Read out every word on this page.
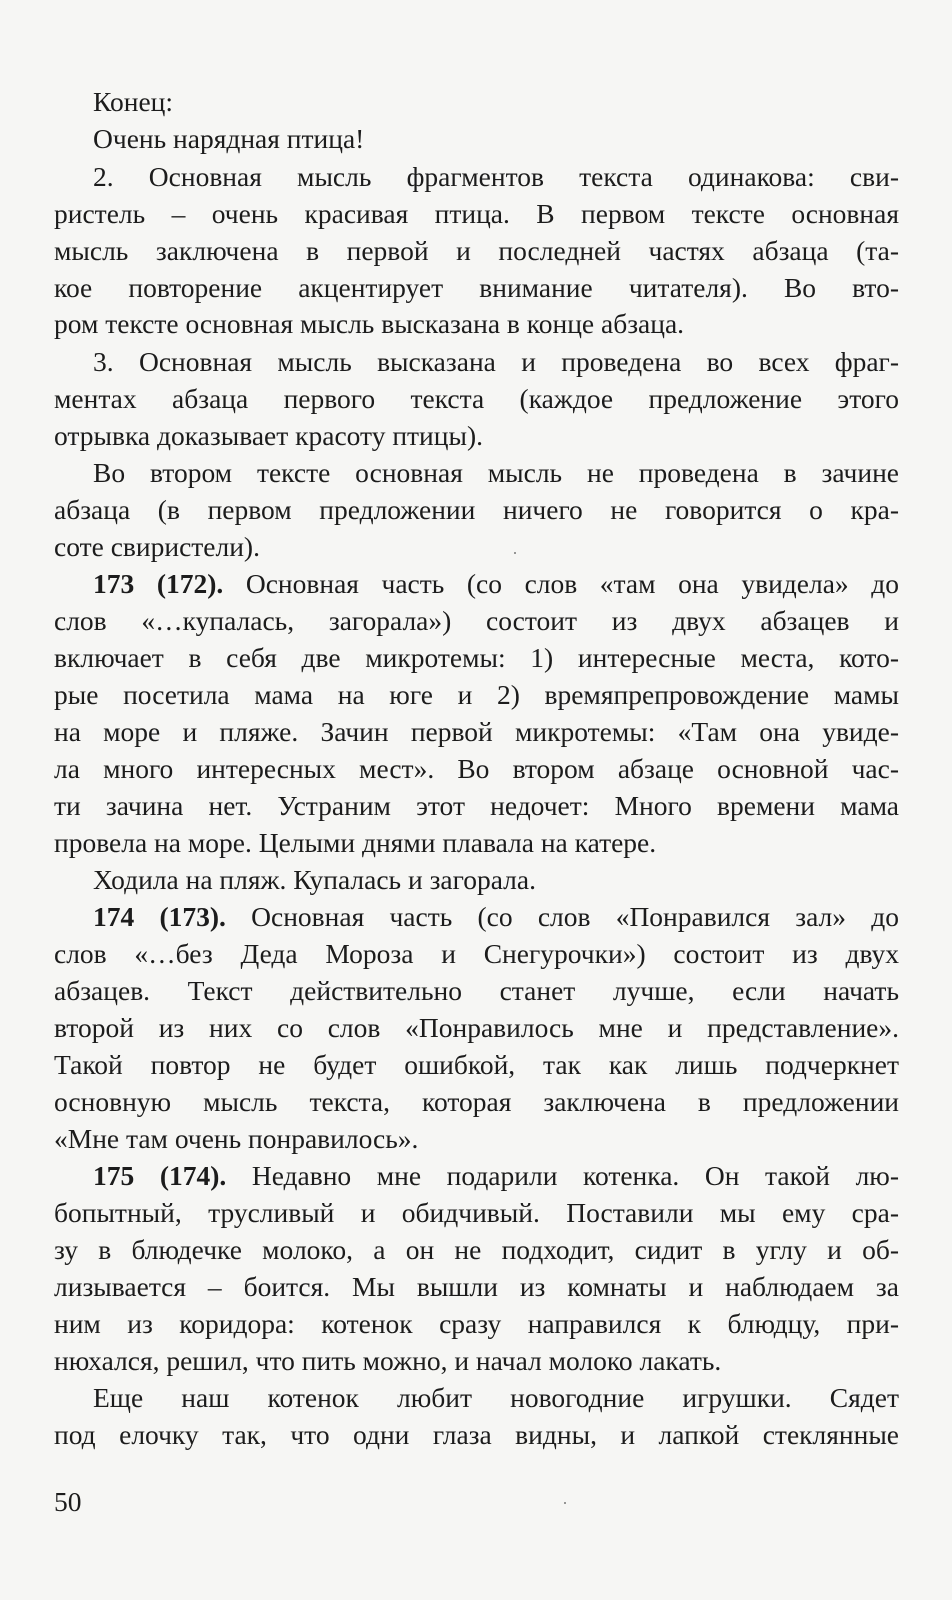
Конец:
Очень нарядная птица!
2. Основная мысль фрагментов текста одинакова: сви-
ристель – очень красивая птица. В первом тексте основная
мысль заключена в первой и последней частях абзаца (та-
кое повторение акцентирует внимание читателя). Во вто-
ром тексте основная мысль высказана в конце абзаца.
3. Основная мысль высказана и проведена во всех фраг-
ментах абзаца первого текста (каждое предложение этого
отрывка доказывает красоту птицы).
Во втором тексте основная мысль не проведена в зачине
абзаца (в первом предложении ничего не говорится о кра-
соте свиристели).
173 (172). Основная часть (со слов «там она увидела» до
слов «…купалась, загорала») состоит из двух абзацев и
включает в себя две микротемы: 1) интересные места, кото-
рые посетила мама на юге и 2) времяпрепровождение мамы
на море и пляже. Зачин первой микротемы: «Там она увиде-
ла много интересных мест». Во втором абзаце основной час-
ти зачина нет. Устраним этот недочет: Много времени мама
провела на море. Целыми днями плавала на катере.
Ходила на пляж. Купалась и загорала.
174 (173). Основная часть (со слов «Понравился зал» до
слов «…без Деда Мороза и Снегурочки») состоит из двух
абзацев. Текст действительно станет лучше, если начать
второй из них со слов «Понравилось мне и представление».
Такой повтор не будет ошибкой, так как лишь подчеркнет
основную мысль текста, которая заключена в предложении
«Мне там очень понравилось».
175 (174). Недавно мне подарили котенка. Он такой лю-
бопытный, трусливый и обидчивый. Поставили мы ему сра-
зу в блюдечке молоко, а он не подходит, сидит в углу и об-
лизывается – боится. Мы вышли из комнаты и наблюдаем за
ним из коридора: котенок сразу направился к блюдцу, при-
нюхался, решил, что пить можно, и начал молоко лакать.
Еще наш котенок любит новогодние игрушки. Сядет
под елочку так, что одни глаза видны, и лапкой стеклянные
50
